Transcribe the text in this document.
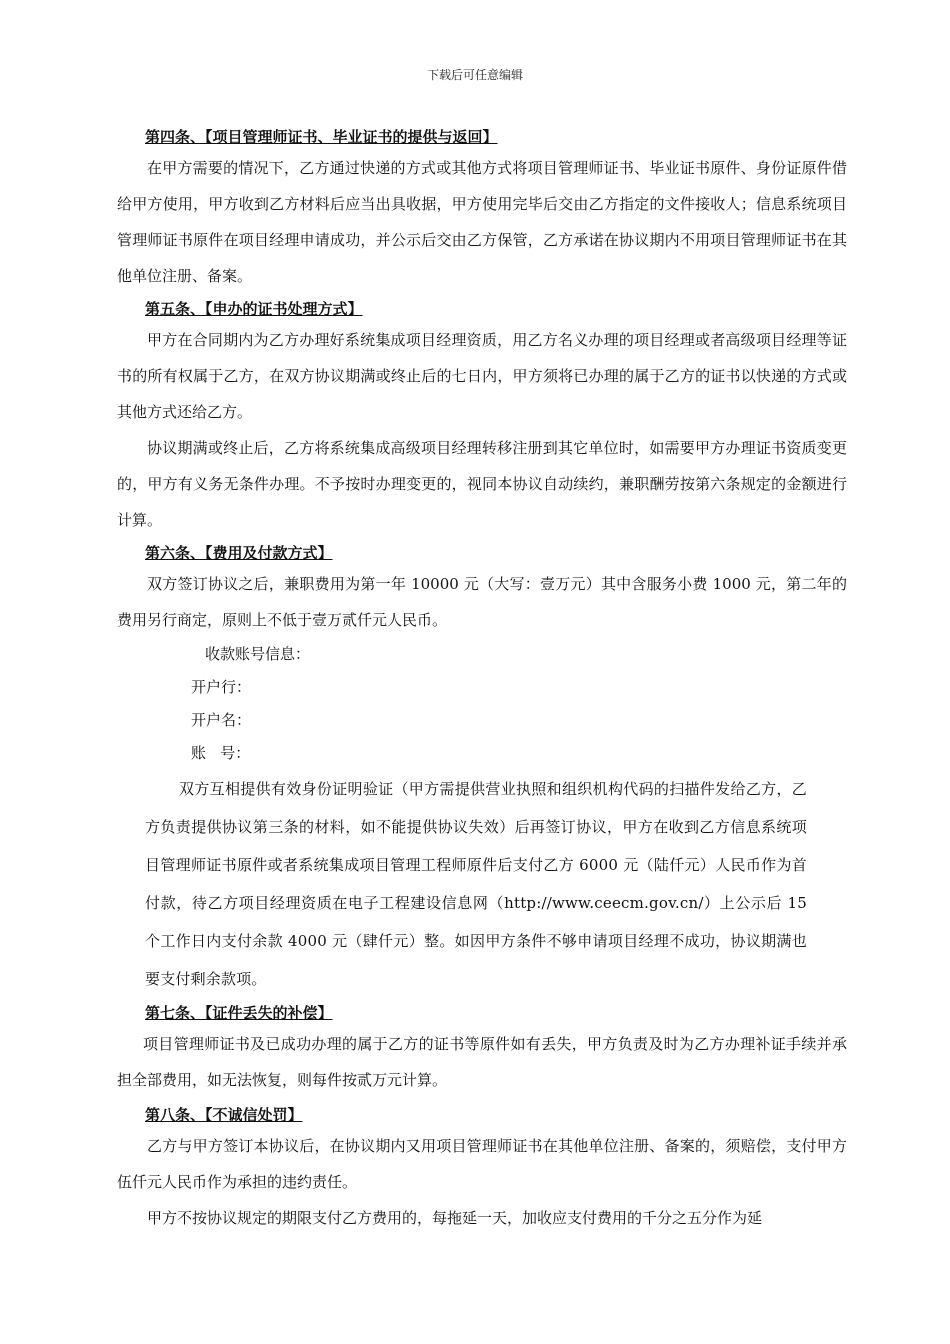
下载后可任意编辑
第四条、【项目管理师证书、毕业证书的提供与返回】

在甲方需要的情况下，乙方通过快递的方式或其他方式将项目管理师证书、毕业证书原件、身份证原件借给甲方使用，甲方收到乙方材料后应当出具收据，甲方使用完毕后交由乙方指定的文件接收人；信息系统项目管理师证书原件在项目经理申请成功，并公示后交由乙方保管，乙方承诺在协议期内不用项目管理师证书在其他单位注册、备案。

第五条、【申办的证书处理方式】

甲方在合同期内为乙方办理好系统集成项目经理资质，用乙方名义办理的项目经理或者高级项目经理等证书的所有权属于乙方，在双方协议期满或终止后的七日内，甲方须将已办理的属于乙方的证书以快递的方式或其他方式还给乙方。

协议期满或终止后，乙方将系统集成高级项目经理转移注册到其它单位时，如需要甲方办理证书资质变更的，甲方有义务无条件办理。不予按时办理变更的，视同本协议自动续约，兼职酬劳按第六条规定的金额进行计算。

第六条、【费用及付款方式】

双方签订协议之后，兼职费用为第一年 10000 元（大写：壹万元）其中含服务小费 1000 元，第二年的费用另行商定，原则上不低于壹万贰仟元人民币。

收款账号信息：

开户行：

开户名：

账   号：

双方互相提供有效身份证明验证（甲方需提供营业执照和组织机构代码的扫描件发给乙方，乙方负责提供协议第三条的材料，如不能提供协议失效）后再签订协议，甲方在收到乙方信息系统项目管理师证书原件或者系统集成项目管理工程师原件后支付乙方 6000 元（陆仟元）人民币作为首付款，待乙方项目经理资质在电子工程建设信息网（http://www.ceecm.gov.cn/）上公示后 15 个工作日内支付余款 4000 元（肆仟元）整。如因甲方条件不够申请项目经理不成功，协议期满也要支付剩余款项。

第七条、【证件丢失的补偿】

项目管理师证书及已成功办理的属于乙方的证书等原件如有丢失，甲方负责及时为乙方办理补证手续并承担全部费用，如无法恢复，则每件按贰万元计算。

第八条、【不诚信处罚】

乙方与甲方签订本协议后，在协议期内又用项目管理师证书在其他单位注册、备案的，须赔偿，支付甲方伍仟元人民币作为承担的违约责任。

甲方不按协议规定的期限支付乙方费用的，每拖延一天，加收应支付费用的千分之五分作为延
